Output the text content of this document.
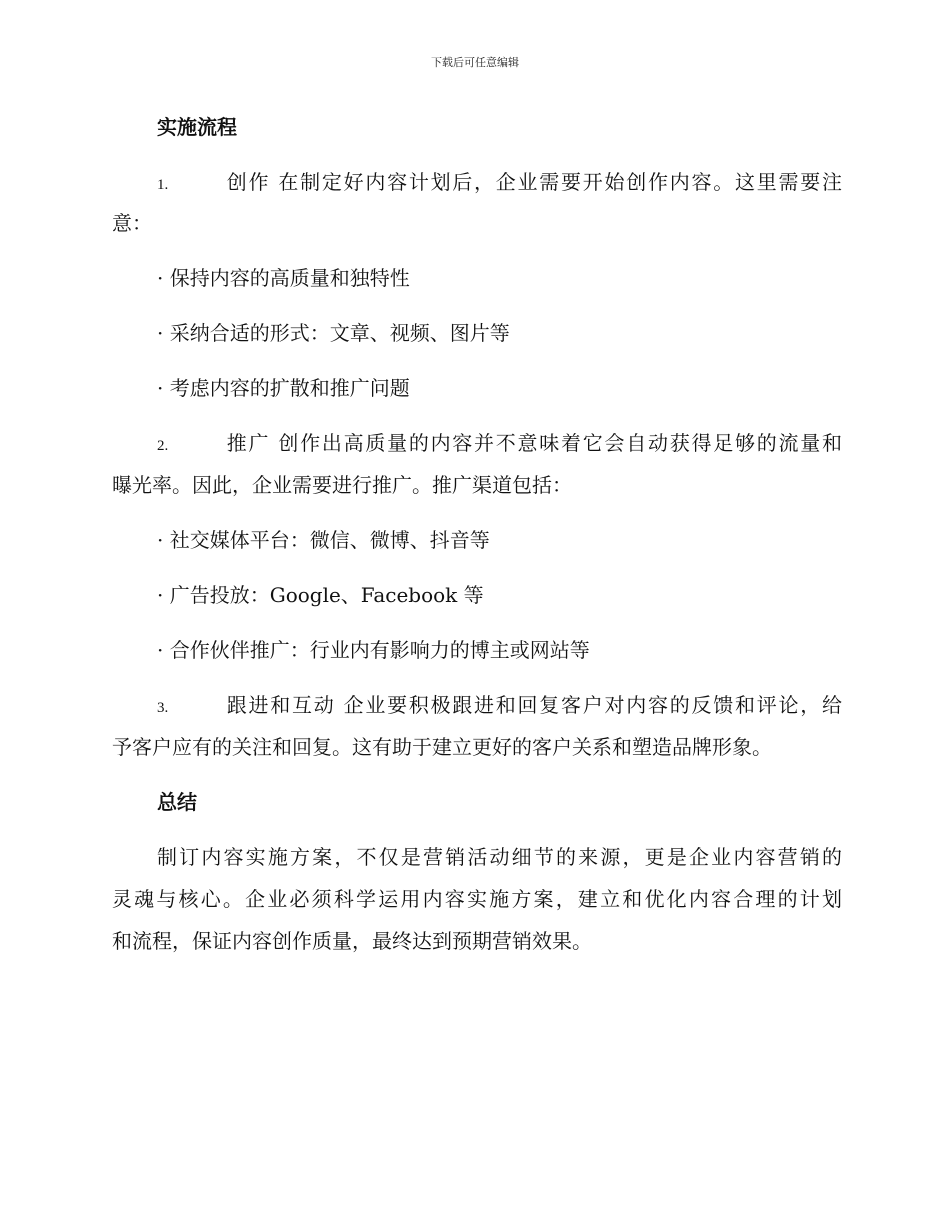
下载后可任意编辑
实施流程
1.	创作 在制定好内容计划后，企业需要开始创作内容。这里需要注
意：
· 保持内容的高质量和独特性
· 采纳合适的形式：文章、视频、图片等
· 考虑内容的扩散和推广问题
2.	推广 创作出高质量的内容并不意味着它会自动获得足够的流量和
曝光率。因此，企业需要进行推广。推广渠道包括：
· 社交媒体平台：微信、微博、抖音等
· 广告投放：Google、Facebook 等
· 合作伙伴推广：行业内有影响力的博主或网站等
3.	跟进和互动 企业要积极跟进和回复客户对内容的反馈和评论，给
予客户应有的关注和回复。这有助于建立更好的客户关系和塑造品牌形象。
总结
制订内容实施方案，不仅是营销活动细节的来源，更是企业内容营销的
灵魂与核心。企业必须科学运用内容实施方案，建立和优化内容合理的计划
和流程，保证内容创作质量，最终达到预期营销效果。
